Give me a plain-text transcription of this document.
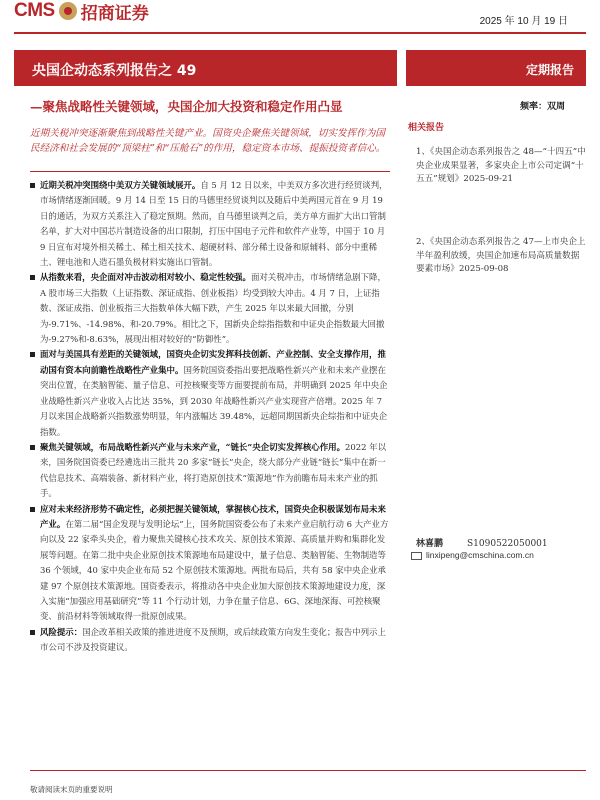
CMS 招商证券	2025 年 10 月 19 日
央国企动态系列报告之 49	定期报告
—聚焦战略性关键领域，央国企加大投资和稳定作用凸显	频率：双周
近期关税冲突逐渐聚焦到战略性关键产业。国资央企聚焦关键领域，切实发挥作为国民经济和社会发展的“顶梁柱”和“压舱石”的作用，稳定资本市场、提振投资者信心。

近期关税冲突围绕中美双方关键领域展开。自 5 月 12 日以来，中美双方多次进行经贸谈判，市场情绪逐渐回暖。9 月 14 日至 15 日的马德里经贸谈判以及随后中美两国元首在 9 月 19 日的通话，为双方关系注入了稳定预期。然而，自马德里谈判之后，美方单方面扩大出口管制名单，扩大对中国芯片制造设备的出口限制，打压中国电子元件和软件产业等，中国于 10 月 9 日宣布对境外相关稀土、稀土相关技术、超硬材料、部分稀土设备和原辅料、部分中重稀土、锂电池和人造石墨负极材料实施出口管制。

从指数来看，央企面对冲击波动相对较小、稳定性较强。面对关税冲击，市场情绪急剧下降，A 股市场三大指数（上证指数、深证成指、创业板指）均受到较大冲击。4 月 7 日，上证指数、深证成指、创业板指三大指数单体大幅下跌，产生 2025 年以来最大回撤，分别为-9.71%、-14.98%、和-20.79%。相比之下，国新央企综指指数和中证央企指数最大回撤为-9.27%和-8.63%，展现出相对较好的“防御性”。

面对与美国具有差距的关键领域，国资央企切实发挥科技创新、产业控制、安全支撑作用，推动国有资本向前瞻性战略性产业集中。国务院国资委指出要把战略性新兴产业和未来产业摆在突出位置，在类脑智能、量子信息、可控核聚变等方面要提前布局，并明确到 2025 年中央企业战略性新兴产业收入占比达 35%，到 2030 年战略性新兴产业实现营产倍增。2025 年 7 月以来国企战略新兴指数涨势明显，年内涨幅达 39.48%，远超同期国新央企综指和中证央企指数。

聚焦关键领域，布局战略性新兴产业与未来产业，“链长”央企切实发挥核心作用。2022 年以来，国务院国资委已经遴选出三批共 20 多家“链长”央企，绕大部分产业链“链长”集中在新一代信息技术、高端装备、新材料产业，将打造原创技术“策源地”作为前瞻布局未来产业的抓手。

应对未来经济形势不确定性，必须把握关键领域，掌握核心技术，国资央企积极谋划布局未来产业。在第二届“国企发现与发明论坛”上，国务院国资委公布了未来产业启航行动 6 大产业方向以及 22 家牵头央企，着力聚焦关键核心技术攻关、原创技术策源、高质量并购和集群化发展等问题。在第二批中央企业原创技术策源地布局建设中，量子信息、类脑智能、生物制造等 36 个领域，40 家中央企业布局 52 个原创技术策源地。两批布局后，共有 58 家中央企业承建 97 个原创技术策源地。国资委表示，将推动各中央企业加大原创技术策源地建设力度，深入实施“加强应用基础研究”等 11 个行动计划，力争在量子信息、6G、深地深海、可控核聚变、前沿材料等领域取得一批原创成果。

风险提示：国企改革相关政策的推进进度不及预期，或后续政策方向发生变化；报告中列示上市公司不涉及投资建议。

相关报告
1、《央国企动态系列报告之 48—“十四五”中央企业成果显著，多家央企上市公司定调“十五五”规划》2025-09-21
2、《央国企动态系列报告之 47—上市央企上半年盈利放缓，央国企加速布局高质量数据要素市场》2025-09-08
林喜鹏	S1090522050001
linxipeng@cmschina.com.cn
敬请阅读末页的重要说明
